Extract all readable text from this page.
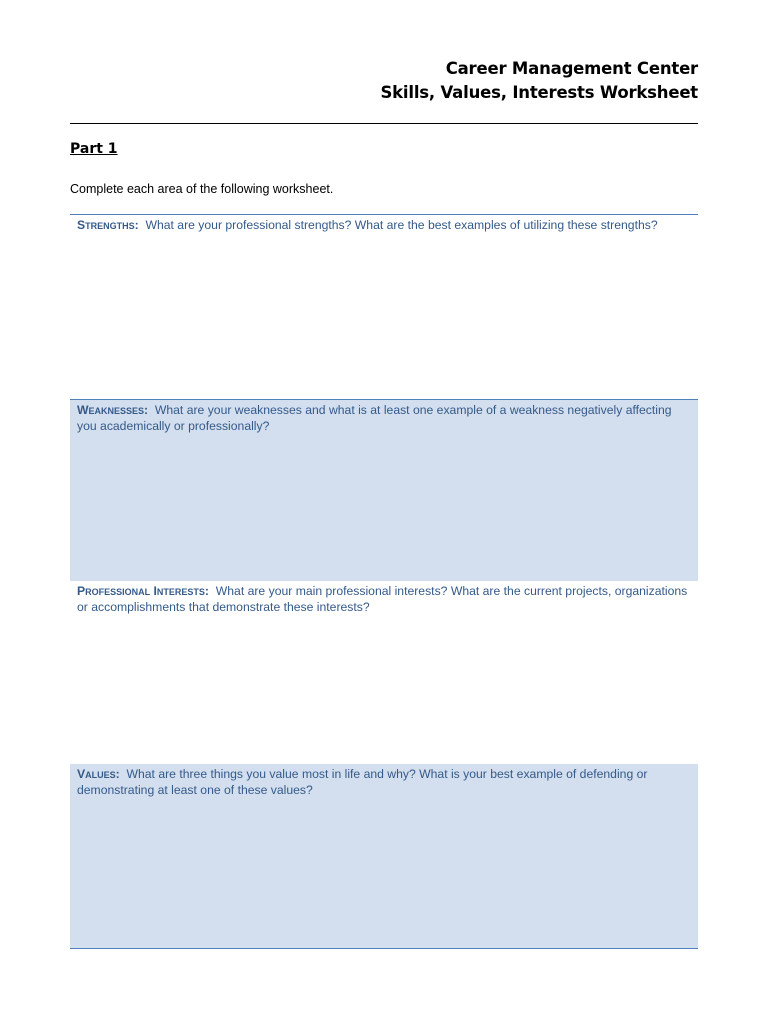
Career Management Center
Skills, Values, Interests Worksheet
Part 1
Complete each area of the following worksheet.
Strengths: What are your professional strengths? What are the best examples of utilizing these strengths?
Weaknesses: What are your weaknesses and what is at least one example of a weakness negatively affecting you academically or professionally?
Professional Interests: What are your main professional interests? What are the current projects, organizations or accomplishments that demonstrate these interests?
Values: What are three things you value most in life and why? What is your best example of defending or demonstrating at least one of these values?
